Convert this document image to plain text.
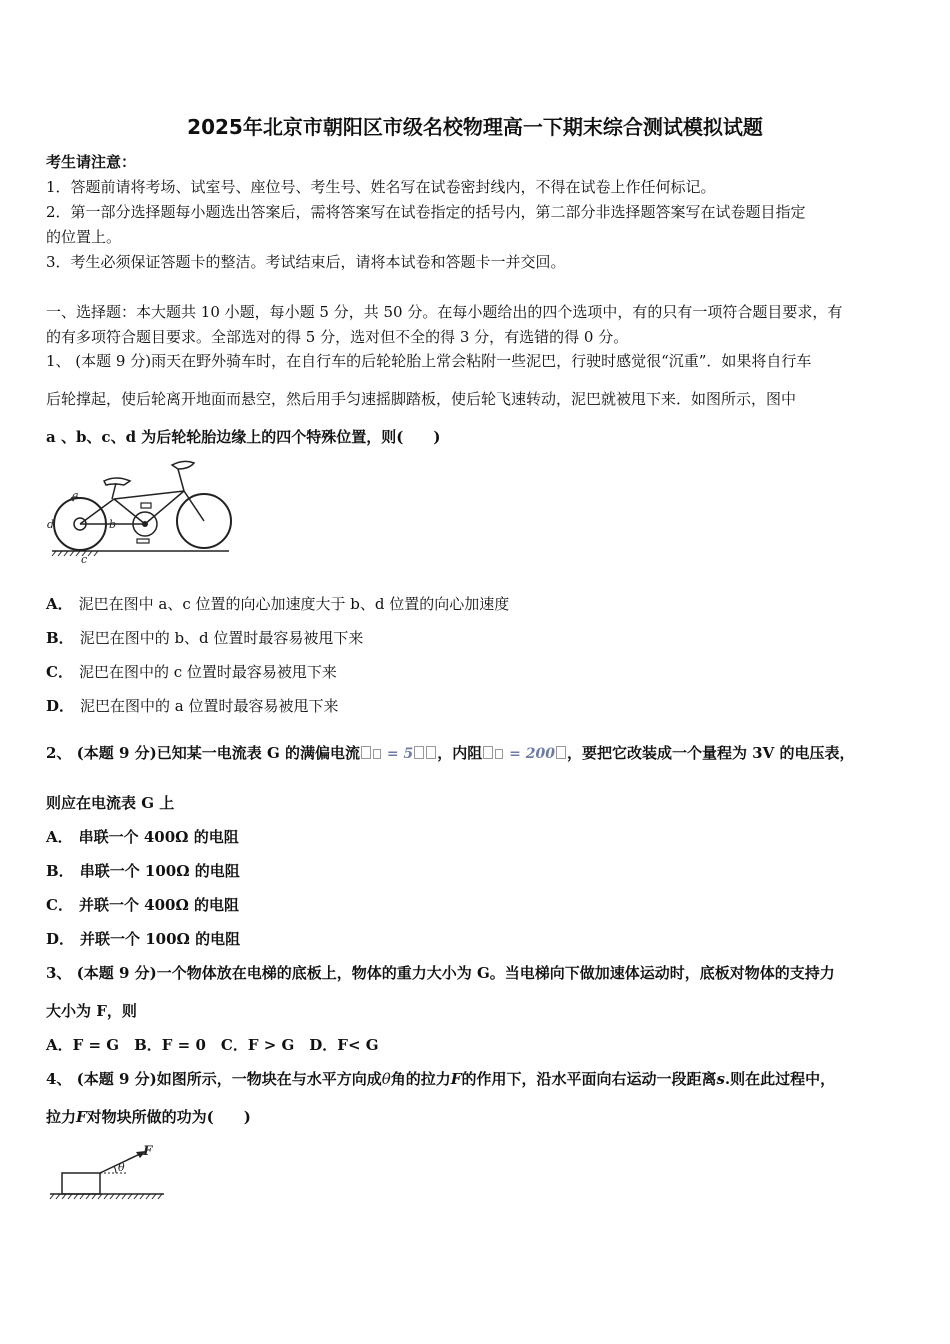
2025年北京市朝阳区市级名校物理高一下期末综合测试模拟试题
考生请注意：
1．答题前请将考场、试室号、座位号、考生号、姓名写在试卷密封线内，不得在试卷上作任何标记。
2．第一部分选择题每小题选出答案后，需将答案写在试卷指定的括号内，第二部分非选择题答案写在试卷题目指定
的位置上。
3．考生必须保证答题卡的整洁。考试结束后，请将本试卷和答题卡一并交回。
一、选择题：本大题共 10 小题，每小题 5 分，共 50 分。在每小题给出的四个选项中，有的只有一项符合题目要求，有
的有多项符合题目要求。全部选对的得 5 分，选对但不全的得 3 分，有选错的得 0 分。
1、 (本题 9 分)雨天在野外骑车时，在自行车的后轮轮胎上常会粘附一些泥巴，行驶时感觉很“沉重”．如果将自行车
后轮撑起，使后轮离开地面而悬空，然后用手匀速摇脚踏板，使后轮飞速转动，泥巴就被甩下来．如图所示，图中
a 、b、c、d 为后轮轮胎边缘上的四个特殊位置，则(　　)
a
b
c
d
A． 泥巴在图中 a、c 位置的向心加速度大于 b、d 位置的向心加速度
B． 泥巴在图中的 b、d 位置时最容易被甩下来
C． 泥巴在图中的 c 位置时最容易被甩下来
D． 泥巴在图中的 a 位置时最容易被甩下来
2、 (本题 9 分)已知某一电流表 G 的满偏电流 = 5 ，内阻 = 200 ，要把它改装成一个量程为 3V 的电压表，
则应在电流表 G 上
A． 串联一个 400Ω 的电阻
B． 串联一个 100Ω 的电阻
C． 并联一个 400Ω 的电阻
D． 并联一个 100Ω 的电阻
3、 (本题 9 分)一个物体放在电梯的底板上，物体的重力大小为 G。当电梯向下做加速体运动时，底板对物体的支持力
大小为 F，则
A．F = G　B．F = 0　C．F > G　D．F< G
4、 (本题 9 分)如图所示，一物块在与水平方向成θ角的拉力F的作用下，沿水平面向右运动一段距离s.则在此过程中，
拉力F对物块所做的功为(　　)
F
θ
